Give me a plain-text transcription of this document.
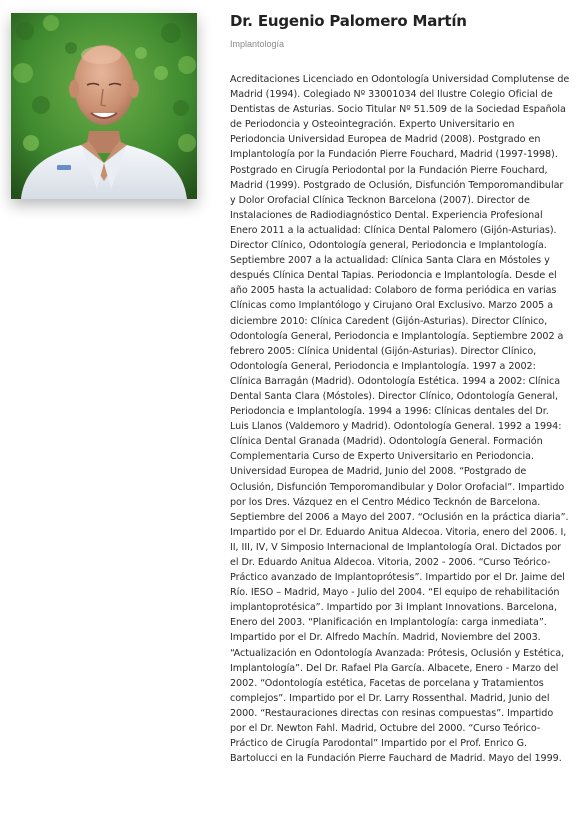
Dr. Eugenio Palomero Martín

Implantología

Acreditaciones Licenciado en Odontología Universidad Complutense de Madrid (1994). Colegiado Nº 33001034 del Ilustre Colegio Oficial de Dentistas de Asturias. Socio Titular Nº 51.509 de la Sociedad Española de Periodoncia y Osteointegración. Experto Universitario en Periodoncia Universidad Europea de Madrid (2008). Postgrado en Implantología por la Fundación Pierre Fouchard, Madrid (1997-1998). Postgrado en Cirugía Periodontal por la Fundación Pierre Fouchard, Madrid (1999). Postgrado de Oclusión, Disfunción Temporomandibular y Dolor Orofacial Clínica Tecknon Barcelona (2007). Director de Instalaciones de Radiodiagnóstico Dental. Experiencia Profesional Enero 2011 a la actualidad: Clínica Dental Palomero (Gijón-Asturias). Director Clínico, Odontología general, Periodoncia e Implantología. Septiembre 2007 a la actualidad: Clínica Santa Clara en Móstoles y después Clínica Dental Tapias. Periodoncia e Implantología. Desde el año 2005 hasta la actualidad: Colaboro de forma periódica en varias Clínicas como Implantólogo y Cirujano Oral Exclusivo. Marzo 2005 a diciembre 2010: Clínica Caredent (Gijón-Asturias). Director Clínico, Odontología General, Periodoncia e Implantología. Septiembre 2002 a febrero 2005: Clínica Unidental (Gijón-Asturias). Director Clínico, Odontología General, Periodoncia e Implantología. 1997 a 2002: Clínica Barragán (Madrid). Odontología Estética. 1994 a 2002: Clínica Dental Santa Clara (Móstoles). Director Clínico, Odontología General, Periodoncia e Implantología. 1994 a 1996: Clínicas dentales del Dr. Luis Llanos (Valdemoro y Madrid). Odontología General. 1992 a 1994: Clínica Dental Granada (Madrid). Odontología General. Formación Complementaria Curso de Experto Universitario en Periodoncia. Universidad Europea de Madrid, Junio del 2008. “Postgrado de Oclusión, Disfunción Temporomandibular y Dolor Orofacial”. Impartido por los Dres. Vázquez en el Centro Médico Tecknón de Barcelona. Septiembre del 2006 a Mayo del 2007. “Oclusión en la práctica diaria”. Impartido por el Dr. Eduardo Anitua Aldecoa. Vitoria, enero del 2006. I, II, III, IV, V Simposio Internacional de Implantología Oral. Dictados por el Dr. Eduardo Anitua Aldecoa. Vitoria, 2002 - 2006. “Curso Teórico-Práctico avanzado de Implantoprótesis”. Impartido por el Dr. Jaime del Río. IESO – Madrid, Mayo - Julio del 2004. “El equipo de rehabilitación implantoprotésica”. Impartido por 3i Implant Innovations. Barcelona, Enero del 2003. “Planificación en Implantología: carga inmediata”. Impartido por el Dr. Alfredo Machín. Madrid, Noviembre del 2003. “Actualización en Odontología Avanzada: Prótesis, Oclusión y Estética, Implantología”. Del Dr. Rafael Pla García. Albacete, Enero - Marzo del 2002. “Odontología estética, Facetas de porcelana y Tratamientos complejos”. Impartido por el Dr. Larry Rossenthal. Madrid, Junio del 2000. “Restauraciones directas con resinas compuestas”. Impartido por el Dr. Newton Fahl. Madrid, Octubre del 2000. “Curso Teórico-Práctico de Cirugía Parodontal” Impartido por el Prof. Enrico G. Bartolucci en la Fundación Pierre Fauchard de Madrid. Mayo del 1999.
